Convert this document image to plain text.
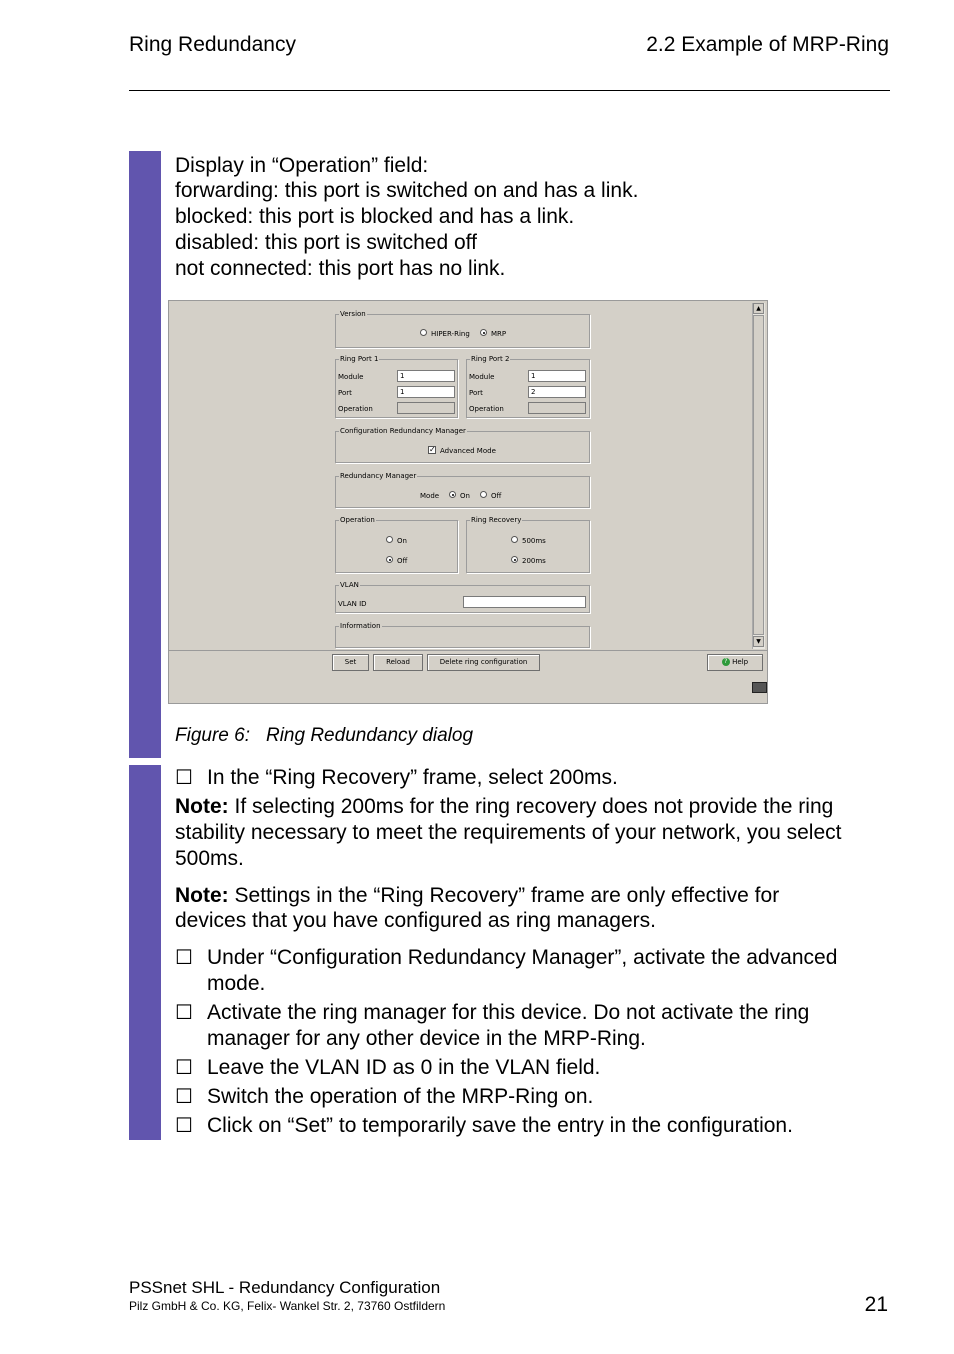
Ring Redundancy	2.2 Example of MRP-Ring
Display in “Operation” field:
forwarding: this port is switched on and has a link.
blocked: this port is blocked and has a link.
disabled: this port is switched off
not connected: this port has no link.
Version
HIPER-Ring	MRP
Ring Port 1
Module	1
Port	1
Operation
Ring Port 2
Module	1
Port	2
Operation
Configuration Redundancy Manager
✓ Advanced Mode
Redundancy Manager
Mode	On	Off
Operation
On
Off
Ring Recovery
500ms
200ms
VLAN
VLAN ID
Information
▲
▼
Set	Reload	Delete ring configuration	? Help
Figure 6: Ring Redundancy dialog
☐ In the “Ring Recovery” frame, select 200ms.
Note: If selecting 200ms for the ring recovery does not provide the ring
stability necessary to meet the requirements of your network, you select
500ms.
Note: Settings in the “Ring Recovery” frame are only effective for
devices that you have configured as ring managers.
☐ Under “Configuration Redundancy Manager”, activate the advanced
mode.
☐ Activate the ring manager for this device. Do not activate the ring
manager for any other device in the MRP-Ring.
☐ Leave the VLAN ID as 0 in the VLAN field.
☐ Switch the operation of the MRP-Ring on.
☐ Click on “Set” to temporarily save the entry in the configuration.
PSSnet SHL - Redundancy Configuration
Pilz GmbH & Co. KG, Felix- Wankel Str. 2, 73760 Ostfildern	21
